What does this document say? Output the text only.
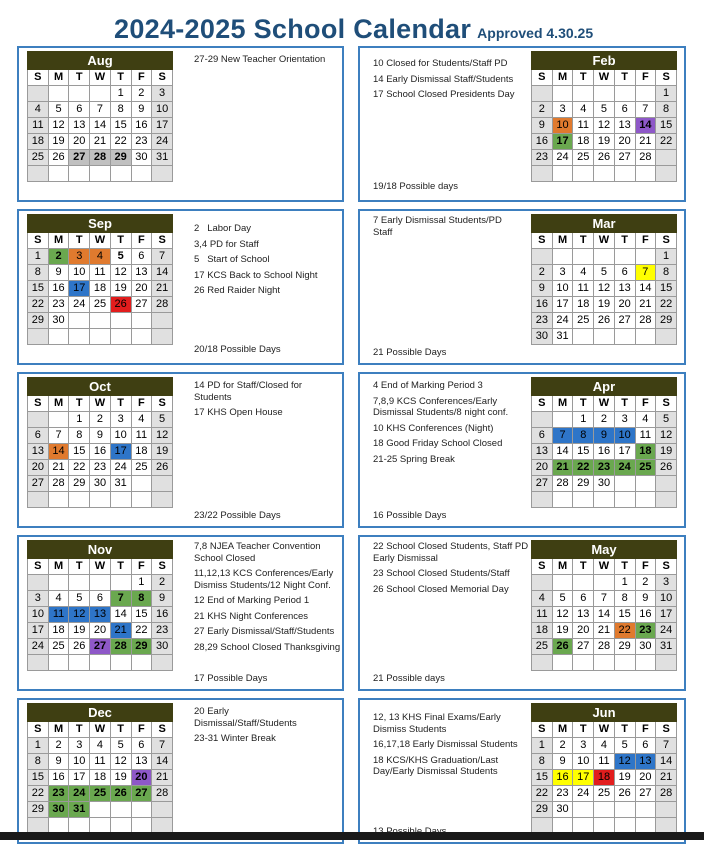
2024-2025 School Calendar Approved 4.30.25
Aug						
S	M	T	W	T	F	S
				1	2	3
4	5	6	7	8	9	10
11	12	13	14	15	16	17
18	19	20	21	22	23	24
25	26	27	28	29	30	31

27-29 New Teacher Orientation
Sep						
S	M	T	W	T	F	S
1	2	3	4	5	6	7
8	9	10	11	12	13	14
15	16	17	18	19	20	21
22	23	24	25	26	27	28
29	30					

2   Labor Day
3,4 PD for Staff
5   Start of School
17 KCS Back to School Night
26 Red Raider Night
20/18 Possible Days
Oct						
S	M	T	W	T	F	S
		1	2	3	4	5
6	7	8	9	10	11	12
13	14	15	16	17	18	19
20	21	22	23	24	25	26
27	28	29	30	31		

14 PD for Staff/Closed for Students
17 KHS Open House
23/22 Possible Days
Nov						
S	M	T	W	T	F	S
					1	2
3	4	5	6	7	8	9
10	11	12	13	14	15	16
17	18	19	20	21	22	23
24	25	26	27	28	29	30

7,8 NJEA Teacher Convention School Closed
11,12,13 KCS Conferences/Early Dismiss Students/12 Night Conf.
12 End of Marking Period 1
21 KHS Night Conferences
27 Early Dismissal/Staff/Students
28,29 School Closed Thanksgiving
17 Possible Days
Dec						
S	M	T	W	T	F	S
1	2	3	4	5	6	7
8	9	10	11	12	13	14
15	16	17	18	19	20	21
22	23	24	25	26	27	28
29	30	31				

20 Early Dismissal/Staff/Students
23-31 Winter Break
10 Closed for Students/Staff PD
14 Early Dismissal Staff/Students
17 School Closed Presidents Day
19/18 Possible days
Feb						
S	M	T	W	T	F	S
						1
2	3	4	5	6	7	8
9	10	11	12	13	14	15
16	17	18	19	20	21	22
23	24	25	26	27	28	

7 Early Dismissal Students/PD Staff
21 Possible Days
Mar						
S	M	T	W	T	F	S
						1
2	3	4	5	6	7	8
9	10	11	12	13	14	15
16	17	18	19	20	21	22
23	24	25	26	27	28	29
30	31					
4 End of Marking Period 3
7,8,9 KCS Conferences/Early Dismissal Students/8 night conf.
10 KHS Conferences (Night)
18 Good Friday School Closed
21-25 Spring Break
16 Possible Days
Apr						
S	M	T	W	T	F	S
		1	2	3	4	5
6	7	8	9	10	11	12
13	14	15	16	17	18	19
20	21	22	23	24	25	26
27	28	29	30			

22 School Closed Students, Staff PD Early Dismissal
23 School Closed Students/Staff
26 School Closed Memorial Day
21 Possible days
May						
S	M	T	W	T	F	S
				1	2	3
4	5	6	7	8	9	10
11	12	13	14	15	16	17
18	19	20	21	22	23	24
25	26	27	28	29	30	31

12, 13 KHS Final Exams/Early Dismiss Students
16,17,18 Early Dismissal Students
18 KCS/KHS Graduation/Last Day/Early Dismissal Students
Jun						
S	M	T	W	T	F	S
1	2	3	4	5	6	7
8	9	10	11	12	13	14
15	16	17	18	19	20	21
22	23	24	25	26	27	28
29	30					
